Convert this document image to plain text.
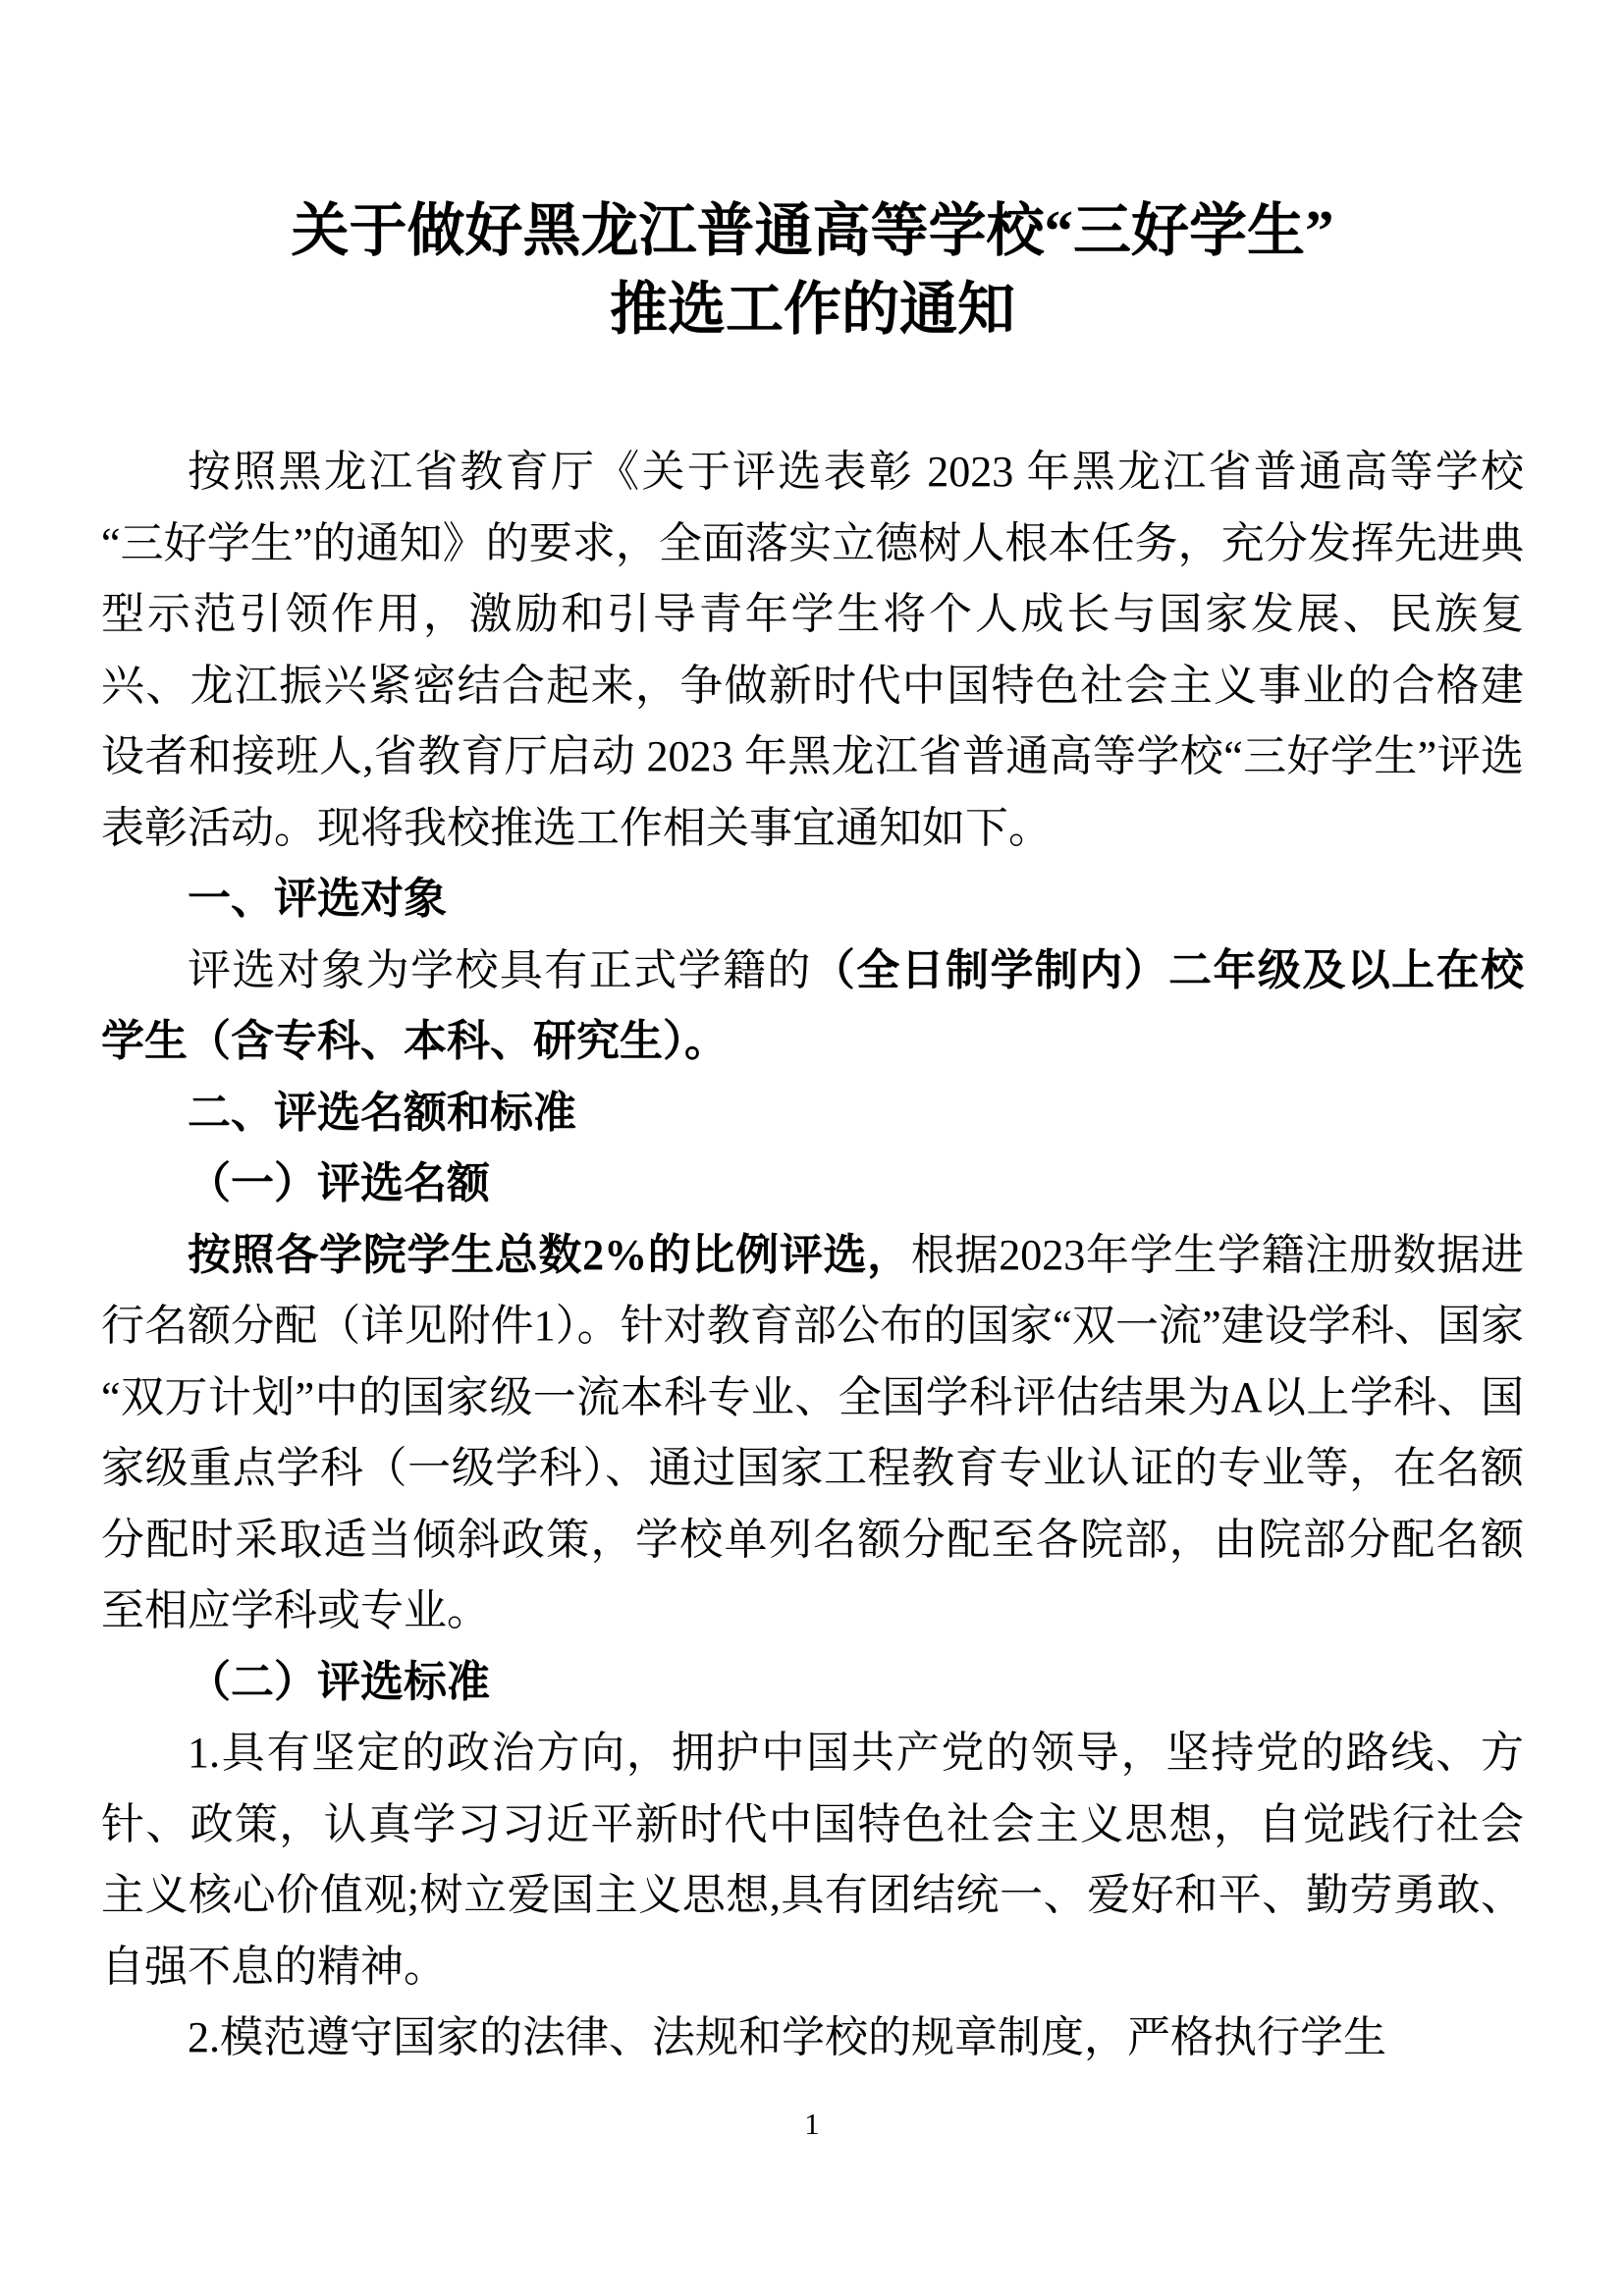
关于做好黑龙江普通高等学校“三好学生”
推选工作的通知

按照黑龙江省教育厅《关于评选表彰 2023 年黑龙江省普通高等学校“三好学生”的通知》的要求，全面落实立德树人根本任务，充分发挥先进典型示范引领作用，激励和引导青年学生将个人成长与国家发展、民族复兴、龙江振兴紧密结合起来，争做新时代中国特色社会主义事业的合格建设者和接班人,省教育厅启动 2023 年黑龙江省普通高等学校“三好学生”评选表彰活动。现将我校推选工作相关事宜通知如下。

一、评选对象

评选对象为学校具有正式学籍的（全日制学制内）二年级及以上在校学生（含专科、本科、研究生）。

二、评选名额和标准

（一）评选名额

按照各学院学生总数2%的比例评选，根据2023年学生学籍注册数据进行名额分配（详见附件1）。针对教育部公布的国家“双一流”建设学科、国家“双万计划”中的国家级一流本科专业、全国学科评估结果为A以上学科、国家级重点学科（一级学科）、通过国家工程教育专业认证的专业等，在名额分配时采取适当倾斜政策，学校单列名额分配至各院部，由院部分配名额至相应学科或专业。

（二）评选标准

1.具有坚定的政治方向，拥护中国共产党的领导，坚持党的路线、方针、政策，认真学习习近平新时代中国特色社会主义思想，自觉践行社会主义核心价值观;树立爱国主义思想,具有团结统一、爱好和平、勤劳勇敢、自强不息的精神。

2.模范遵守国家的法律、法规和学校的规章制度，严格执行学生

1
